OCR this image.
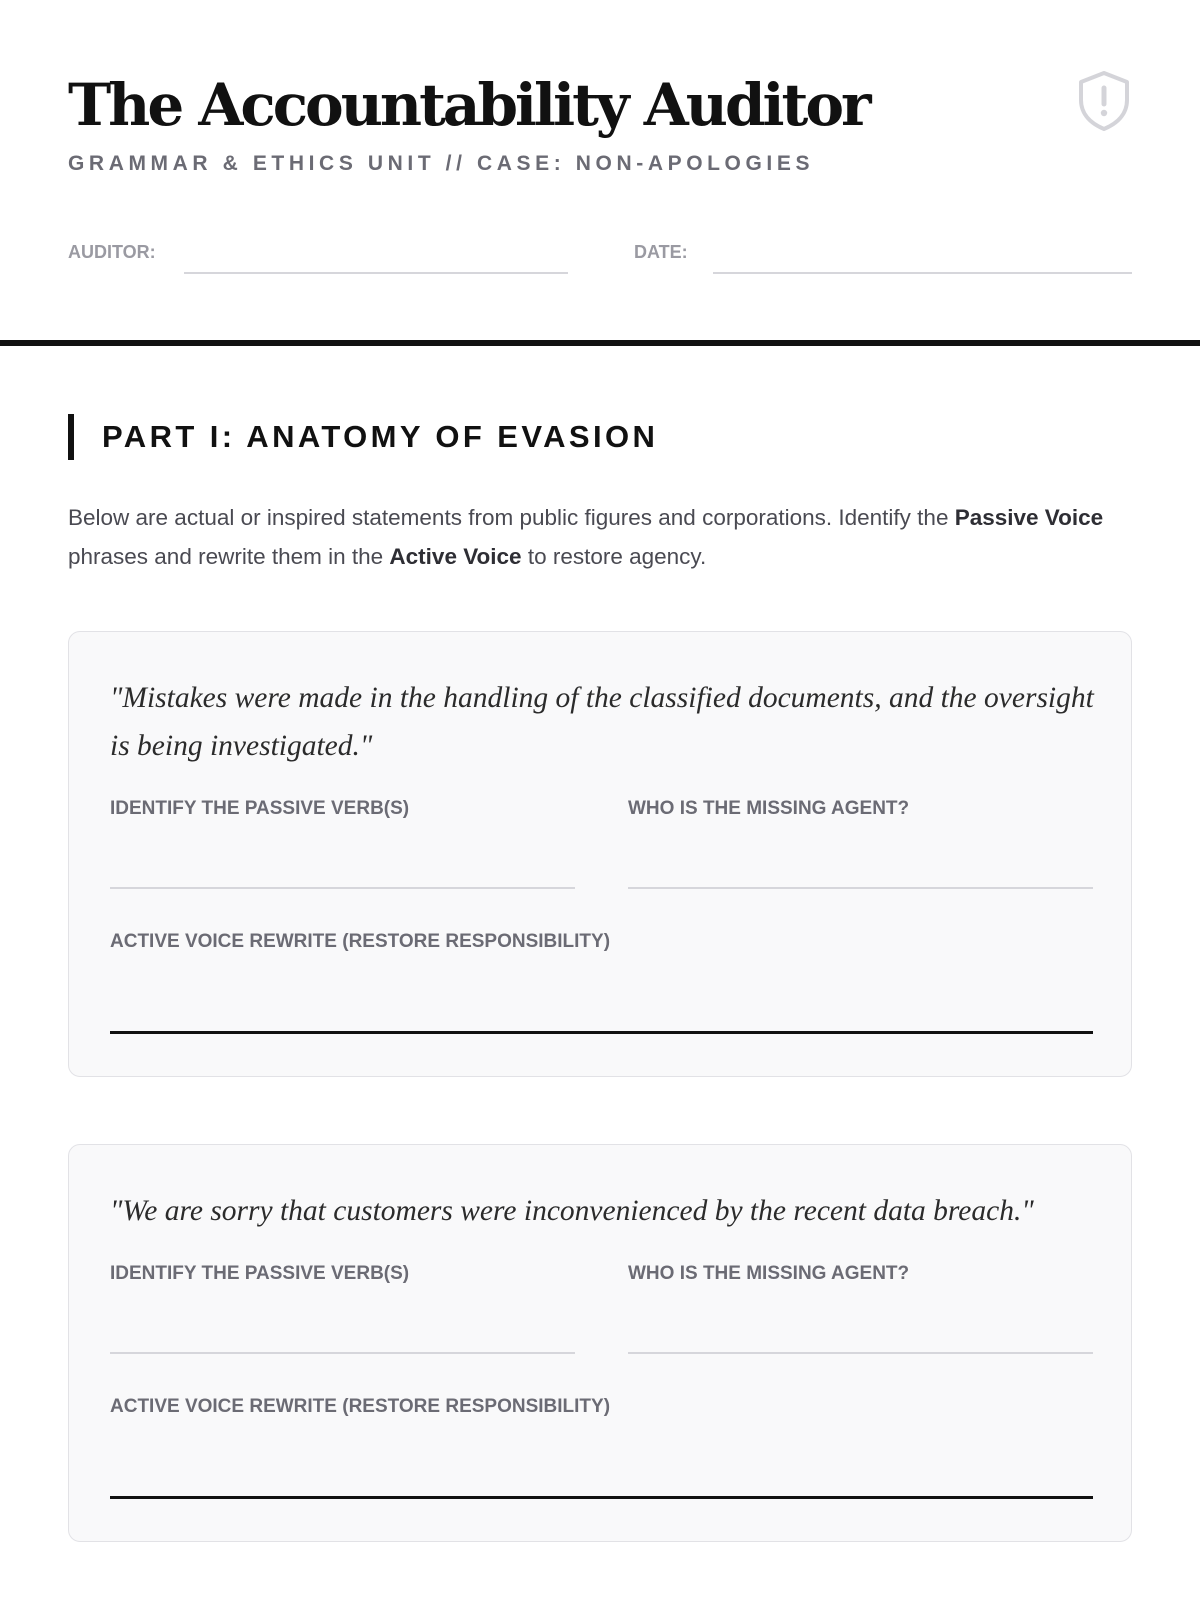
The Accountability Auditor
GRAMMAR & ETHICS UNIT // CASE: NON-APOLOGIES
AUDITOR:	DATE:
PART I: ANATOMY OF EVASION
Below are actual or inspired statements from public figures and corporations. Identify the Passive Voice phrases and rewrite them in the Active Voice to restore agency.
"Mistakes were made in the handling of the classified documents, and the oversight is being investigated."
IDENTIFY THE PASSIVE VERB(S)	WHO IS THE MISSING AGENT?
ACTIVE VOICE REWRITE (RESTORE RESPONSIBILITY)
"We are sorry that customers were inconvenienced by the recent data breach."
IDENTIFY THE PASSIVE VERB(S)	WHO IS THE MISSING AGENT?
ACTIVE VOICE REWRITE (RESTORE RESPONSIBILITY)
